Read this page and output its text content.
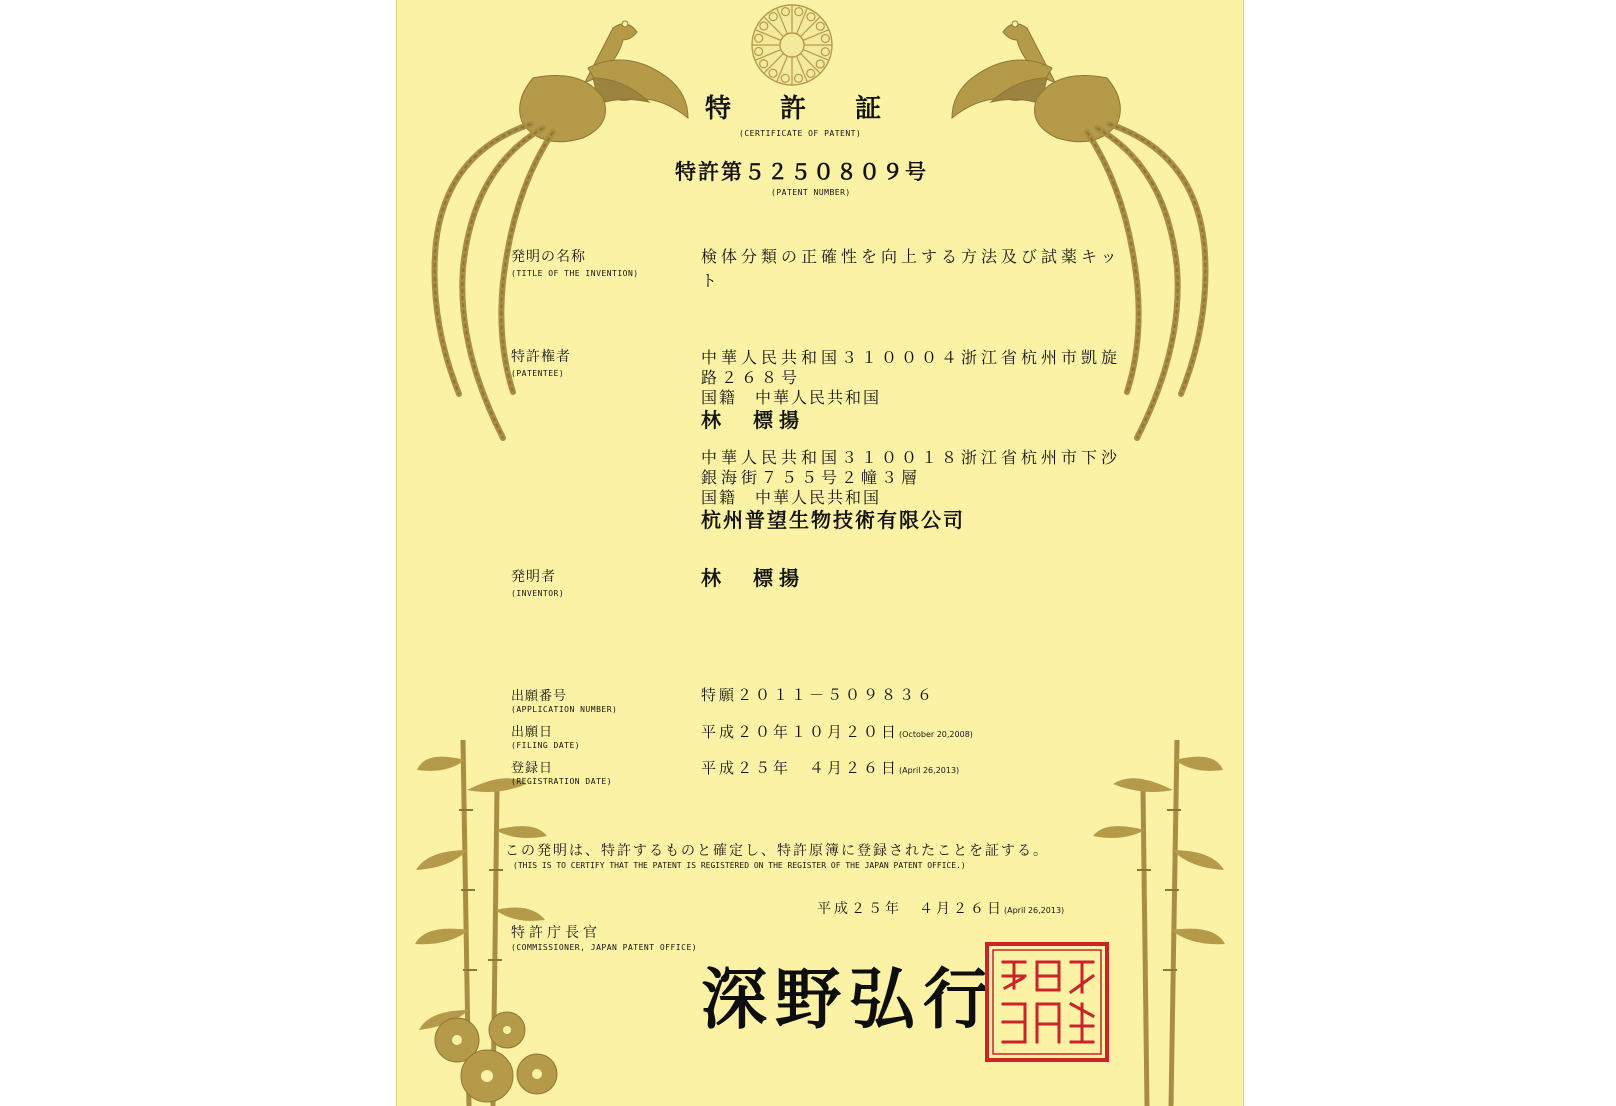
特 許 証
(CERTIFICATE OF PATENT)
特許第５２５０８０９号
(PATENT NUMBER)
発明の名称
(TITLE OF THE INVENTION)
検体分類の正確性を向上する方法及び試薬キッ
ト
特許権者
(PATENTEE)
中華人民共和国３１０００４浙江省杭州市凱旋
路２６８号
国籍　中華人民共和国
林　標揚
中華人民共和国３１００１８浙江省杭州市下沙
銀海街７５５号２幢３層
国籍　中華人民共和国
杭州普望生物技術有限公司
発明者
(INVENTOR)
林　標揚
出願番号
(APPLICATION NUMBER)
特願２０１１－５０９８３６
出願日
(FILING DATE)
平成２０年１０月２０日(October 20,2008)
登録日
(REGISTRATION DATE)
平成２５年　４月２６日(April 26,2013)
この発明は、特許するものと確定し、特許原簿に登録されたことを証する。
(THIS IS TO CERTIFY THAT THE PATENT IS REGISTERED ON THE REGISTER OF THE JAPAN PATENT OFFICE.)
平成２５年　４月２６日(April 26,2013)
特許庁長官
(COMMISSIONER, JAPAN PATENT OFFICE)
深野弘行
